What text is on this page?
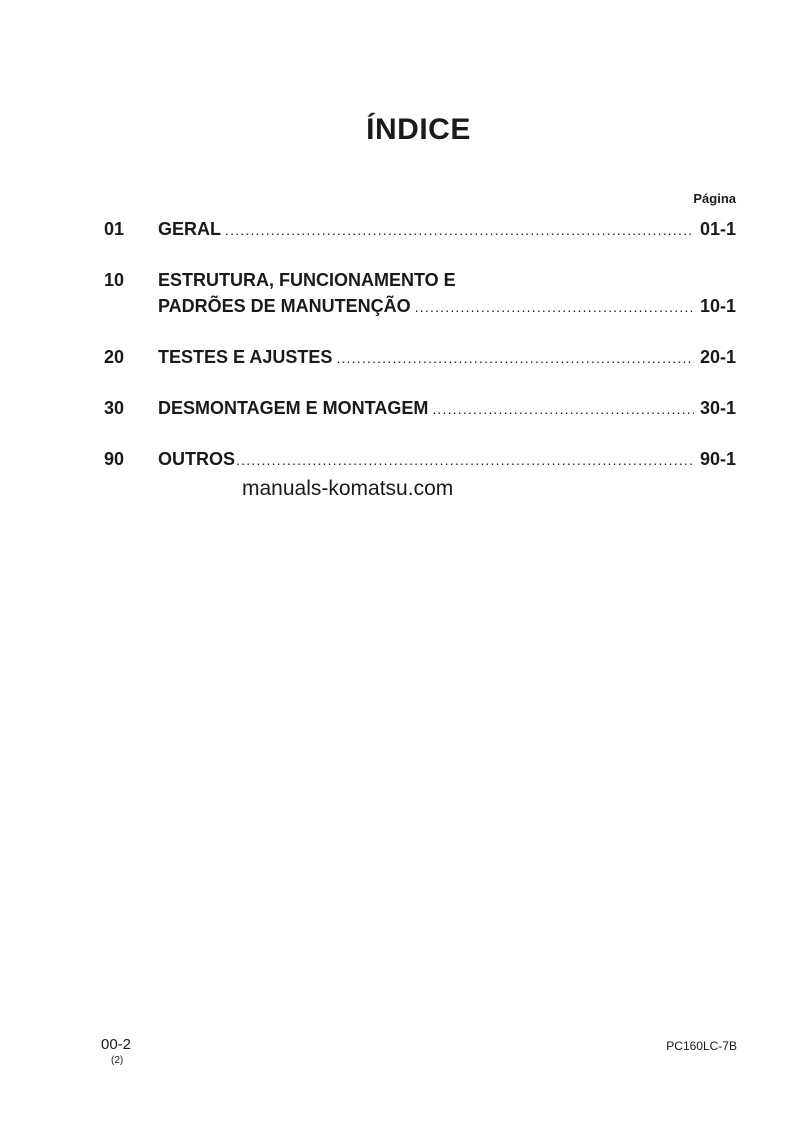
ÍNDICE
Página
01 GERAL .....	01-1
10 ESTRUTURA, FUNCIONAMENTO E
PADRÕES DE MANUTENÇÃO .....	10-1
20 TESTES E AJUSTES .....	20-1
30 DESMONTAGEM E MONTAGEM .....	30-1
90 OUTROS .....	90-1
manuals-komatsu.com
00-2
(2)
PC160LC-7B
